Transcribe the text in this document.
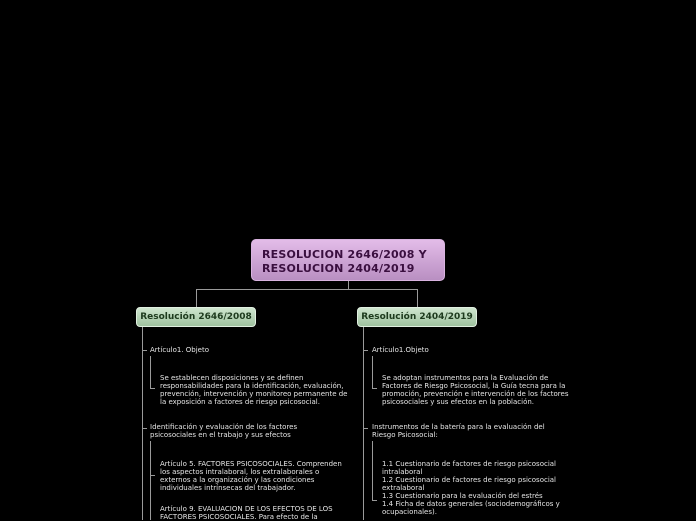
RESOLUCION 2646/2008 Y
RESOLUCION 2404/2019
Resolución 2646/2008
Artículo1. Objeto
Se establecen disposiciones y se definen
responsabilidades para la identificación, evaluación,
prevención, intervención y monitoreo permanente de
la exposición a factores de riesgo psicosocial.
Identificación y evaluación de los factores
psicosociales en el trabajo y sus efectos
Artículo 5. FACTORES PSICOSOCIALES. Comprenden
los aspectos intralaboral, los extralaborales o
externos a la organización y las condiciones
individuales intrínsecas del trabajador.
Artículo 9. EVALUACION DE LOS EFECTOS DE LOS
FACTORES PSICOSOCIALES. Para efecto de la
Resolución 2404/2019
Artículo1.Objeto
Se adoptan instrumentos para la Evaluación de
Factores de Riesgo Psicosocial, la Guía tecna para la
promoción, prevención e intervención de los factores
psicosociales y sus efectos en la población.
Instrumentos de la batería para la evaluación del
Riesgo Psicosocial:
1.1 Cuestionario de factores de riesgo psicosocial
intralaboral
1.2 Cuestionario de factores de riesgo psicosocial
extralaboral
1.3 Cuestionario para la evaluación del estrés
1.4 Ficha de datos generales (sociodemográficos y
ocupacionales).
